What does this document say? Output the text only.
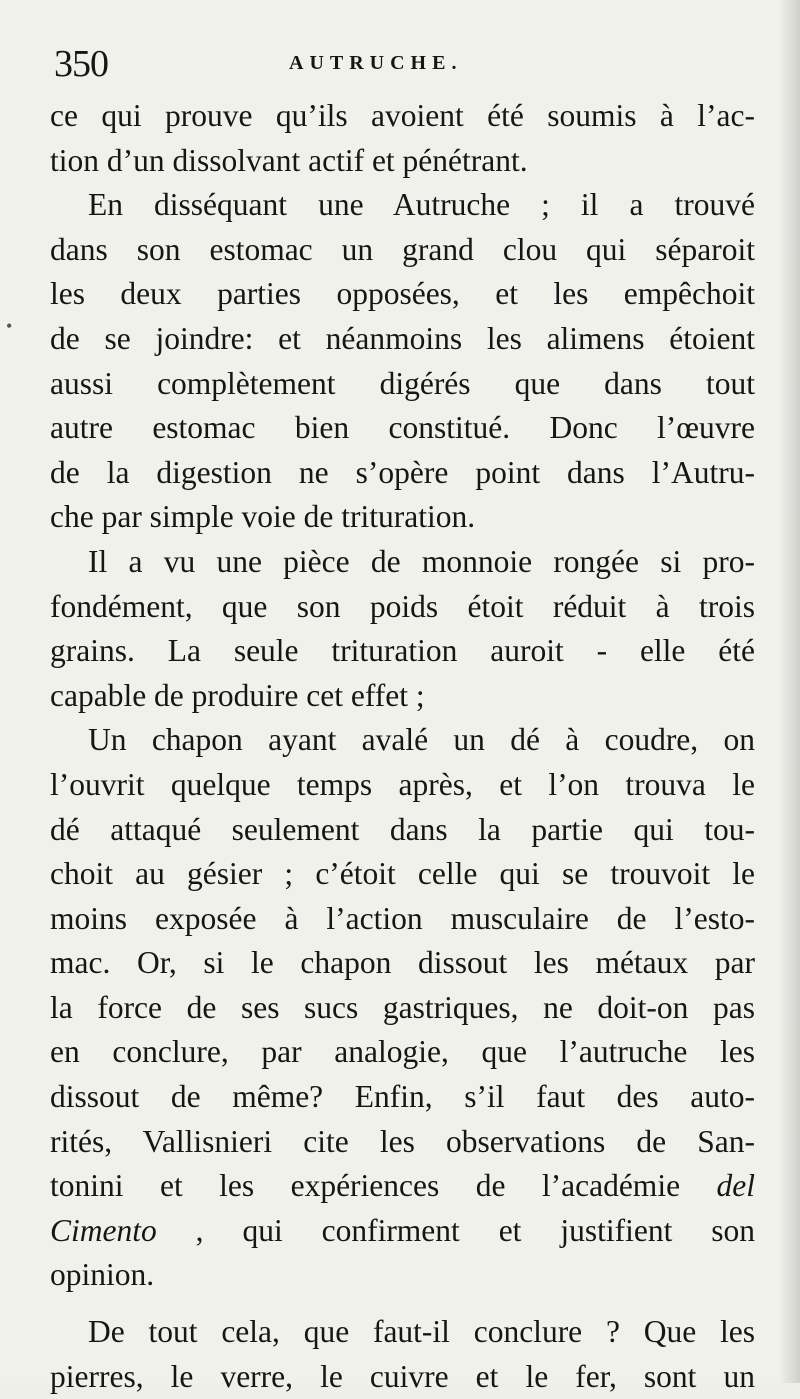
350	AUTRUCHE.
•
ce qui prouve qu’ils avoient été soumis à l’ac-
tion d’un dissolvant actif et pénétrant.
En disséquant une Autruche ; il a trouvé
dans son estomac un grand clou qui séparoit
les deux parties opposées, et les empêchoit
de se joindre: et néanmoins les alimens étoient
aussi complètement digérés que dans tout
autre estomac bien constitué. Donc l’œuvre
de la digestion ne s’opère point dans l’Autru-
che par simple voie de trituration.
Il a vu une pièce de monnoie rongée si pro-
fondément, que son poids étoit réduit à trois
grains. La seule trituration auroit - elle été
capable de produire cet effet ;
Un chapon ayant avalé un dé à coudre, on
l’ouvrit quelque temps après, et l’on trouva le
dé attaqué seulement dans la partie qui tou-
choit au gésier ; c’étoit celle qui se trouvoit le
moins exposée à l’action musculaire de l’esto-
mac. Or, si le chapon dissout les métaux par
la force de ses sucs gastriques, ne doit-on pas
en conclure, par analogie, que l’autruche les
dissout de même? Enfin, s’il faut des auto-
rités, Vallisnieri cite les observations de San-
tonini et les expériences de l’académie del
Cimento , qui confirment et justifient son
opinion.
De tout cela, que faut-il conclure ? Que les
pierres, le verre, le cuivre et le fer, sont un
